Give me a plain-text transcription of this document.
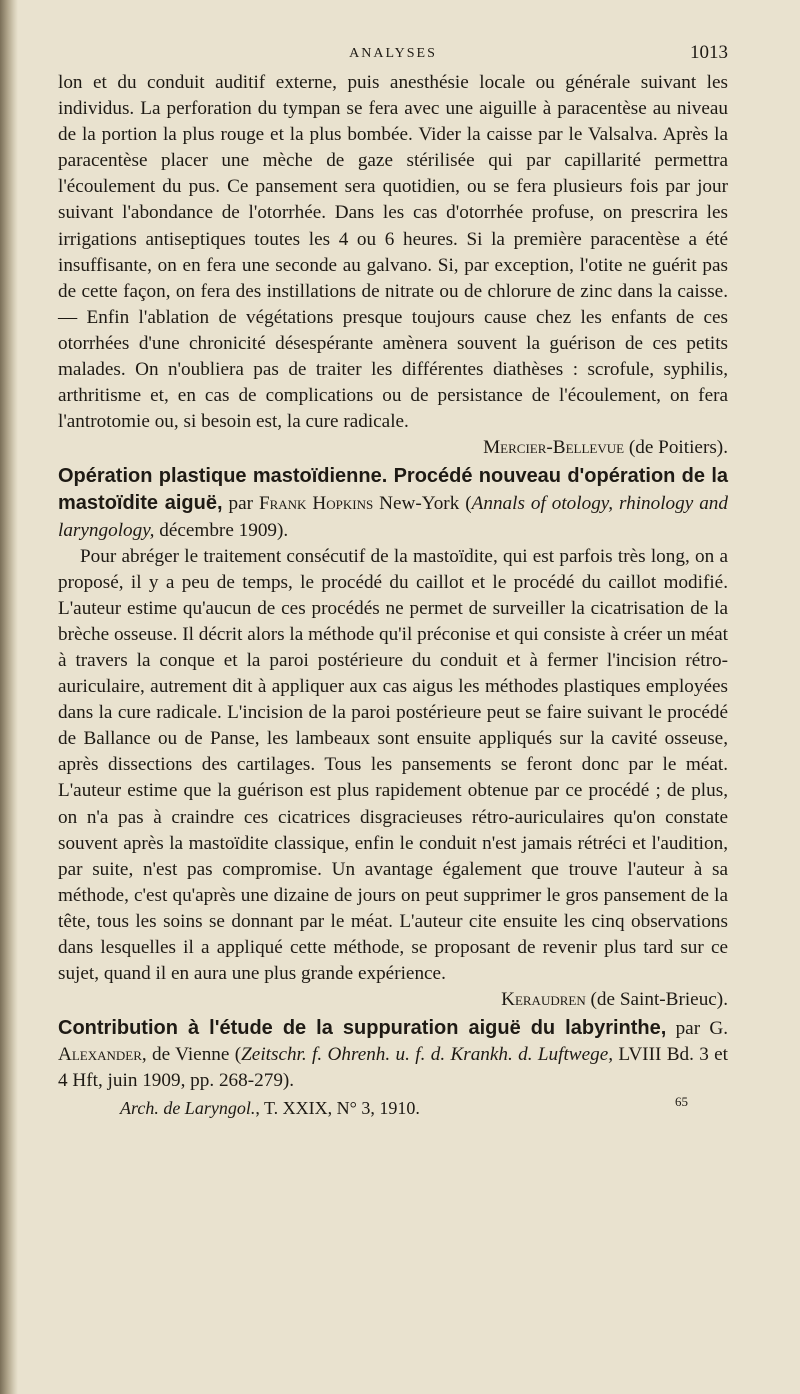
ANALYSES	1013

lon et du conduit auditif externe, puis anesthésie locale ou générale suivant les individus. La perforation du tympan se fera avec une aiguille à paracentèse au niveau de la portion la plus rouge et la plus bombée. Vider la caisse par le Valsalva. Après la paracentèse placer une mèche de gaze stérilisée qui par capillarité permettra l'écoulement du pus. Ce pansement sera quotidien, ou se fera plusieurs fois par jour suivant l'abondance de l'otorrhée. Dans les cas d'otorrhée profuse, on prescrira les irrigations antiseptiques toutes les 4 ou 6 heures. Si la première paracentèse a été insuffisante, on en fera une seconde au galvano. Si, par exception, l'otite ne guérit pas de cette façon, on fera des instillations de nitrate ou de chlorure de zinc dans la caisse. — Enfin l'ablation de végétations presque toujours cause chez les enfants de ces otorrhées d'une chronicité désespérante amènera souvent la guérison de ces petits malades. On n'oubliera pas de traiter les différentes diathèses : scrofule, syphilis, arthritisme et, en cas de complications ou de persistance de l'écoulement, on fera l'antrotomie ou, si besoin est, la cure radicale.

Mercier-Bellevue (de Poitiers).

Opération plastique mastoïdienne. Procédé nouveau d'opération de la mastoïdite aiguë, par Frank Hopkins New-York (Annals of otology, rhinology and laryngology, décembre 1909).

Pour abréger le traitement consécutif de la mastoïdite, qui est parfois très long, on a proposé, il y a peu de temps, le procédé du caillot et le procédé du caillot modifié. L'auteur estime qu'aucun de ces procédés ne permet de surveiller la cicatrisation de la brèche osseuse. Il décrit alors la méthode qu'il préconise et qui consiste à créer un méat à travers la conque et la paroi postérieure du conduit et à fermer l'incision rétro-auriculaire, autrement dit à appliquer aux cas aigus les méthodes plastiques employées dans la cure radicale. L'incision de la paroi postérieure peut se faire suivant le procédé de Ballance ou de Panse, les lambeaux sont ensuite appliqués sur la cavité osseuse, après dissections des cartilages. Tous les pansements se feront donc par le méat. L'auteur estime que la guérison est plus rapidement obtenue par ce procédé ; de plus, on n'a pas à craindre ces cicatrices disgracieuses rétro-auriculaires qu'on constate souvent après la mastoïdite classique, enfin le conduit n'est jamais rétréci et l'audition, par suite, n'est pas compromise. Un avantage également que trouve l'auteur à sa méthode, c'est qu'après une dizaine de jours on peut supprimer le gros pansement de la tête, tous les soins se donnant par le méat. L'auteur cite ensuite les cinq observations dans lesquelles il a appliqué cette méthode, se proposant de revenir plus tard sur ce sujet, quand il en aura une plus grande expérience.

Keraudren (de Saint-Brieuc).

Contribution à l'étude de la suppuration aiguë du labyrinthe, par G. Alexander, de Vienne (Zeitschr. f. Ohrenh. u. f. d. Krankh. d. Luftwege, LVIII Bd. 3 et 4 Hft, juin 1909, pp. 268-279).

Arch. de Laryngol., T. XXIX, N° 3, 1910.	65
